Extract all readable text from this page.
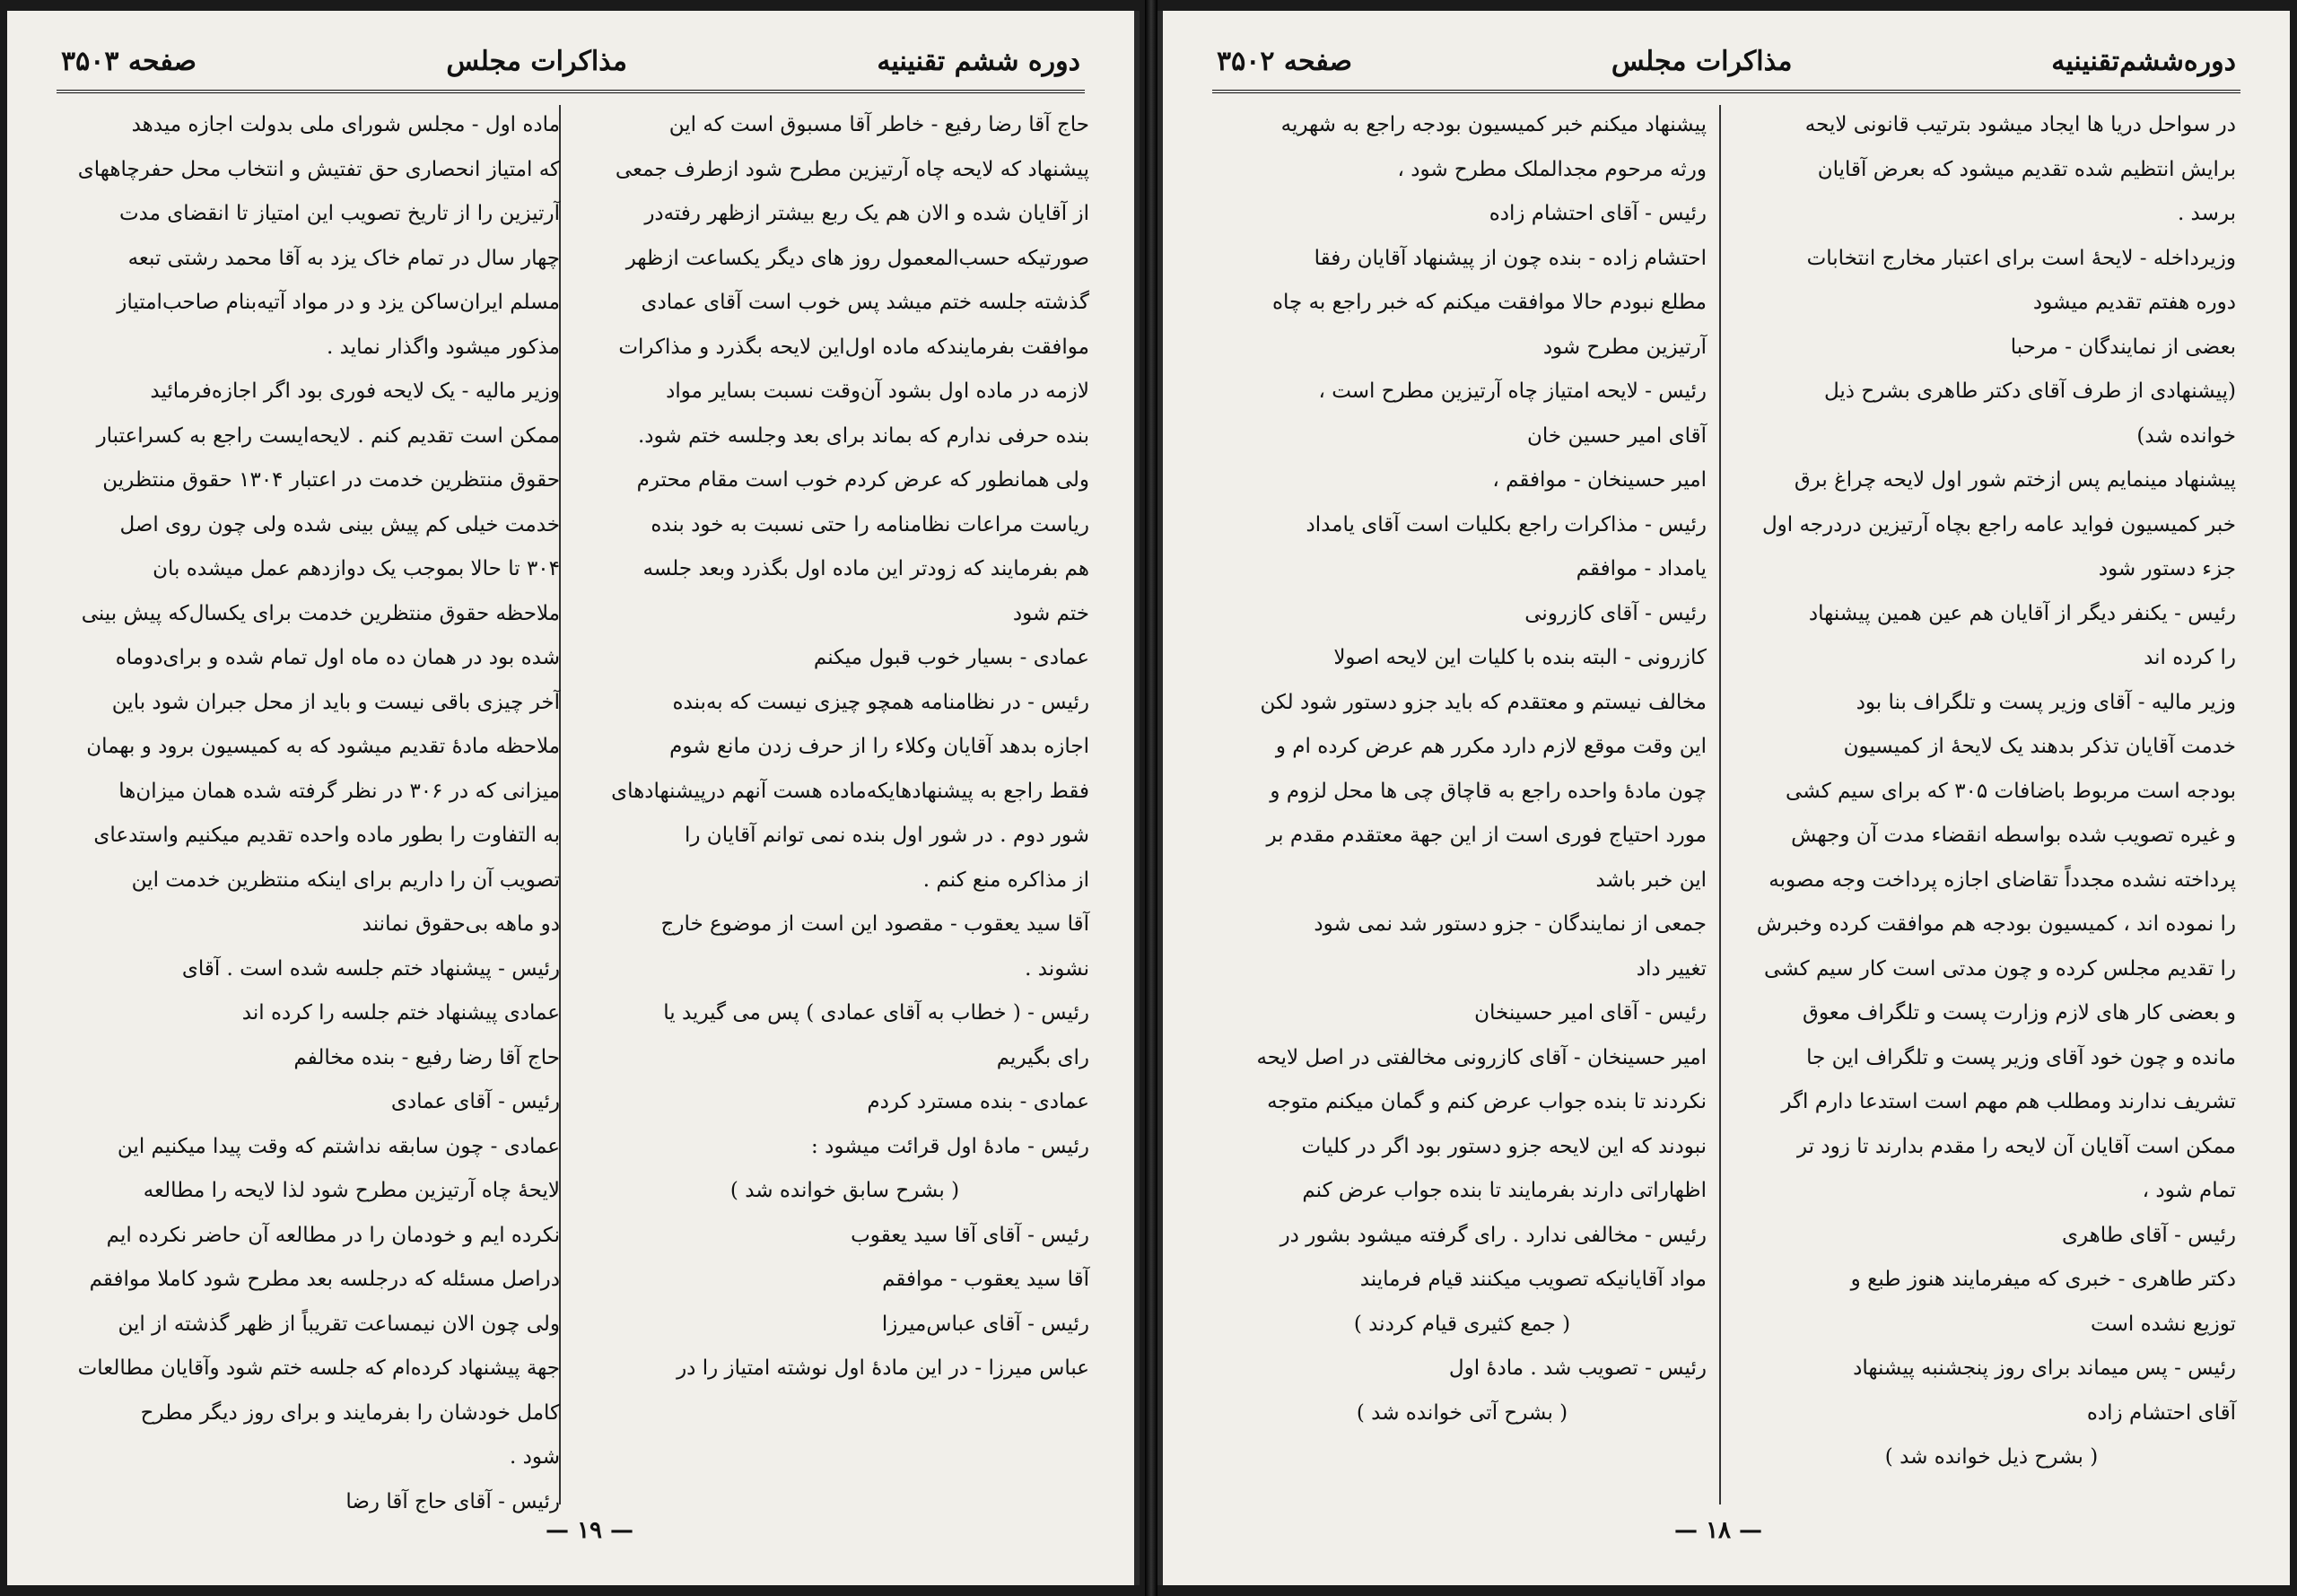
دوره ششم تقنینیه
مذاکرات مجلس
صفحه ۳۵۰۳

حاج آقا رضا رفیع - خاطر آقا مسبوق است که این

پیشنهاد که لایحه چاه آرتیزین مطرح شود ازطرف جمعی

از آقایان شده و الان هم یک ربع بیشتر ازظهر رفته‌در

صورتیکه حسب‌المعمول روز های دیگر یکساعت ازظهر

گذشته جلسه ختم میشد پس خوب است آقای عمادی

موافقت بفرمایند‌که ماده اول‌این لایحه بگذرد و مذاکرات

لازمه در ماده اول بشود آن‌وقت نسبت بسایر مواد

بنده حرفی ندارم که بماند برای بعد وجلسه ختم شود.

ولی همانطور که عرض کردم خوب است مقام محترم

ریاست مراعات نظامنامه را حتی نسبت به خود بنده

هم بفرمایند که زودتر این ماده اول بگذرد وبعد جلسه

ختم شود

عمادی - بسیار خوب قبول میکنم

رئیس - در نظامنامه همچو چیزی نیست که به‌بنده

اجازه بدهد آقایان وکلاء را از حرف زدن مانع شوم

فقط راجع به پیشنهادهایکه‌ماده‌ هست آنهم درپیشنهادهای

شور دوم . در شور اول بنده نمی توانم آقایان را

از مذاکره منع کنم .

آقا سید یعقوب - مقصود این است از موضوع خارج

نشوند .

رئیس - ( خطاب به آقای عمادی ) پس می گیرید یا

رای بگیریم

عمادی - بنده مسترد کردم

رئیس - مادهٔ اول قرائت میشود :

( بشرح سابق خوانده شد )

رئیس - آقای آقا سید یعقوب

آقا سید یعقوب - موافقم

رئیس - آقای عباس‌میرزا

عباس میرزا - در این مادهٔ اول نوشته امتیاز را در

ماده اول - مجلس شورای ملی بدولت اجازه میدهد

که امتیاز انحصاری حق تفتیش و انتخاب محل حفرچاههای

آرتیزین را از تاریخ تصویب این امتیاز تا انقضای مدت

چهار سال در تمام خاک یزد به آقا محمد رشتی تبعه

مسلم ایران‌ساکن یزد و در مواد آتیه‌بنام صاحب‌امتیاز

مذکور میشود واگذار نماید .

وزیر مالیه - یک لایحه فوری بود اگر اجازه‌فرمائید

ممکن است تقدیم کنم . لایحه‌ایست راجع به کسراعتبار

حقوق منتظرین خدمت در اعتبار ۱۳۰۴ حقوق منتظرین

خدمت خیلی کم پیش بینی شده ولی چون روی اصل

۳۰۴ تا حالا بموجب یک دوازدهم عمل میشده بان

ملاحظه حقوق منتظرین خدمت برای یکسال‌که پیش بینی

شده بود در همان ده ماه اول تمام شده و برای‌دوماه

آخر چیزی باقی نیست و باید از محل جبران شود باین

ملاحظه مادهٔ تقدیم میشود که به کمیسیون برود و بهمان

میزانی که در ۳۰۶ در نظر گرفته شده همان میزان‌ها

به التفاوت را بطور ماده واحده تقدیم میکنیم واستدعای

تصویب آن را داریم برای اینکه منتظرین خدمت این

دو ماهه بی‌حقوق نمانند

رئیس - پیشنهاد ختم جلسه شده است . آقای

عمادی پیشنهاد ختم جلسه را کرده اند

حاج آقا رضا رفیع - بنده مخالفم

رئیس - آقای عمادی

عمادی - چون سابقه نداشتم که وقت پیدا میکنیم این

لایحهٔ چاه آرتیزین مطرح شود لذا لایحه را مطالعه

نکرده ایم و خودمان را در مطالعه آن حاضر نکرده ایم

دراصل مسئله که درجلسه بعد مطرح شود کاملا موافقم

ولی چون الان نیمساعت تقریباً از ظهر گذشته از این

جهة پیشنهاد کرده‌ام که جلسه ختم شود وآقایان مطالعات

کامل خودشان را بفرمایند و برای روز دیگر مطرح

شود .

رئیس - آقای حاج آقا رضا

— ۱۹ —
دوره‌ششم‌تقنینیه
مذاکرات مجلس
صفحه ۳۵۰۲

در سواحل دریا ها ایجاد میشود بترتیب قانونی لایحه

برایش انتظیم شده تقدیم میشود که بعرض آقایان

برسد .

وزیرداخله - لایحهٔ است برای اعتبار مخارج انتخابات

دوره هفتم تقدیم میشود

بعضی از نمایندگان - مرحبا

(پیشنهادی از طرف آقای دکتر طاهری بشرح ذیل

خوانده شد)

پیشنهاد مینمایم پس ازختم شور اول لایحه چراغ برق

خبر کمیسیون فواید عامه راجع بچاه آرتیزین دردرجه اول

جزء دستور شود

رئیس - یکنفر دیگر از آقایان هم عین همین پیشنهاد

را کرده اند

وزیر مالیه - آقای وزیر پست و تلگراف بنا بود

خدمت آقایان تذکر بدهند یک لایحهٔ از کمیسیون

بودجه است مربوط باضافات ۳۰۵ که برای سیم کشی

و غیره تصویب شده بواسطه انقضاء مدت آن وجهش

پرداخته نشده مجدداً تقاضای اجازه پرداخت وجه مصوبه

را نموده اند ، کمیسیون بودجه هم موافقت کرده وخبرش

را تقدیم مجلس کرده و چون مدتی است کار سیم کشی

و بعضی کار های لازم وزارت پست و تلگراف معوق

مانده و چون خود آقای وزیر پست و تلگراف این جا

تشریف ندارند ومطلب هم مهم است استدعا دارم اگر

ممکن است آقایان آن لایحه را مقدم بدارند تا زود تر

تمام شود ،

رئیس - آقای طاهری

دکتر طاهری - خبری که میفرمایند هنوز طبع و

توزیع نشده است

رئیس - پس میماند برای روز پنجشنبه پیشنهاد

آقای احتشام زاده

( بشرح ذیل خوانده شد )

پیشنهاد میکنم خبر کمیسیون بودجه راجع به شهریه

ورثه مرحوم مجدالملک مطرح شود ،

رئیس - آقای احتشام زاده

احتشام زاده - بنده چون از پیشنهاد آقایان رفقا

مطلع نبودم حالا موافقت میکنم که خبر راجع به چاه

آرتیزین مطرح شود

رئیس - لایحه امتیاز چاه آرتیزین مطرح است ،

آقای امیر حسین خان

امیر حسینخان - موافقم ،

رئیس - مذاکرات راجع بکلیات است آقای یامداد

یامداد - موافقم

رئیس - آقای کازرونی

کازرونی - البته بنده با کلیات این لایحه اصولا

مخالف نیستم و معتقدم که باید جزو دستور شود لکن

این وقت موقع لازم دارد مکرر هم عرض کرده ام و

چون مادهٔ واحده راجع به قاچاق چی ها محل لزوم و

مورد احتیاج فوری است از این جهة معتقدم مقدم بر

این خبر باشد

جمعی از نمایندگان - جزو دستور شد نمی شود

تغییر داد

رئیس - آقای امیر حسینخان

امیر حسینخان - آقای کازرونی مخالفتی در اصل لایحه

نکردند تا بنده جواب عرض کنم و گمان میکنم متوجه

نبودند که این لایحه جزو دستور بود اگر در کلیات

اظهاراتی دارند بفرمایند تا بنده جواب عرض کنم

رئیس - مخالفی ندارد . رای گرفته میشود بشور در

مواد آقایانیکه تصویب میکنند قیام فرمایند

( جمع کثیری قیام کردند )

رئیس - تصویب شد . مادهٔ اول

( بشرح آتی خوانده شد )

— ۱۸ —
